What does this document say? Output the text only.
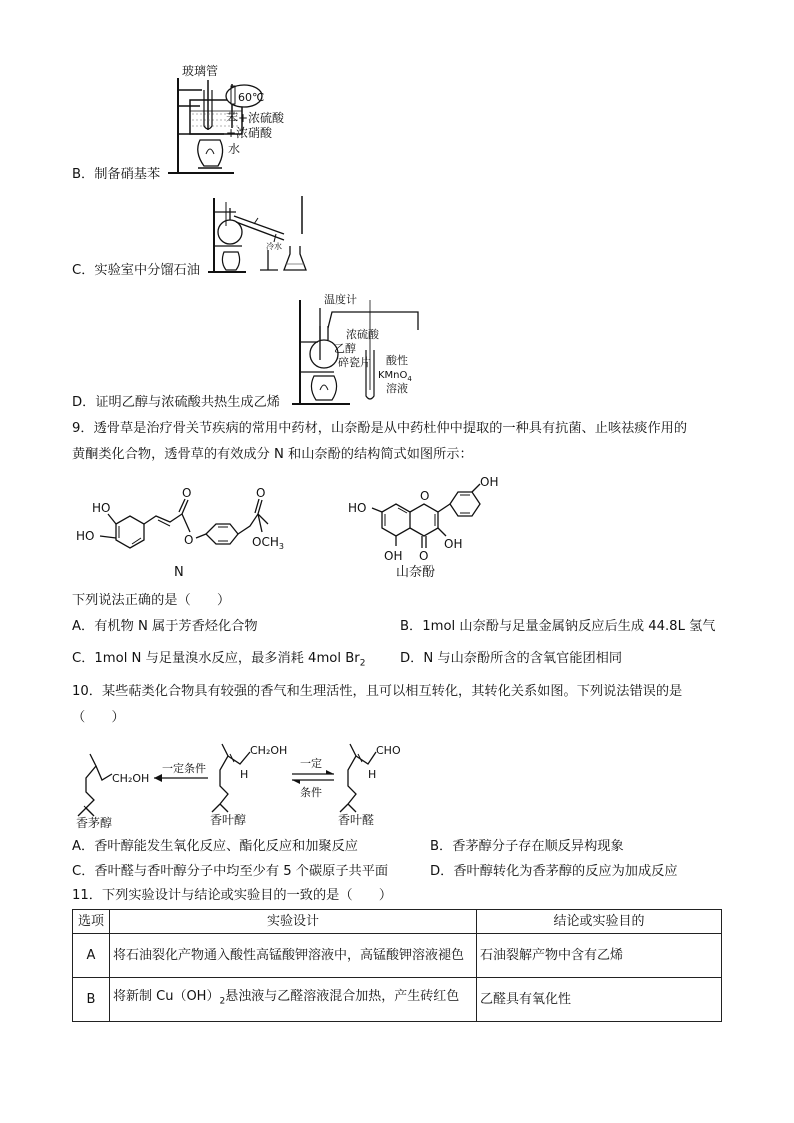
玻璃管
60℃
苯+浓硫酸
+浓硝酸
水
B．制备硝基苯
冷水
C．实验室中分馏石油
温度计
浓硫酸
乙醇
碎瓷片 酸性
KMnO$_4$
溶液
D．证明乙醇与浓硫酸共热生成乙烯
9．透骨草是治疗骨关节疾病的常用中药材，山奈酚是从中药杜仲中提取的一种具有抗菌、止咳祛痰作用的
黄酮类化合物，透骨草的有效成分 N 和山奈酚的结构简式如图所示：
HO
HO
O
O
O
$OCH_3$
N
HO
O
OH
O
OH
OH
山奈酚
下列说法正确的是（　　）
A．有机物 N 属于芳香烃化合物	B．1mol 山奈酚与足量金属钠反应后生成 44.8L 氢气
C．1mol N 与足量溴水反应，最多消耗 4mol $Br_2$	D．N 与山奈酚所含的含氧官能团相同
10．某些萜类化合物具有较强的香气和生理活性，且可以相互转化，其转化关系如图。下列说法错误的是
（　　）
CH₂OH
香茅醇
一定条件
CH₂OH
H
香叶醇
一定
条件
CHO
H
香叶醛
A．香叶醇能发生氧化反应、酯化反应和加聚反应	B．香茅醇分子存在顺反异构现象
C．香叶醛与香叶醇分子中均至少有 5 个碳原子共平面	D．香叶醇转化为香茅醇的反应为加成反应
11．下列实验设计与结论或实验目的一致的是（　　）
选项	实验设计	结论或实验目的
A	将石油裂化产物通入酸性高锰酸钾溶液中，高锰酸钾溶液褪色	石油裂解产物中含有乙烯
B	将新制 $Cu(OH)_2$悬浊液与乙醛溶液混合加热，产生砖红色	乙醛具有氧化性
